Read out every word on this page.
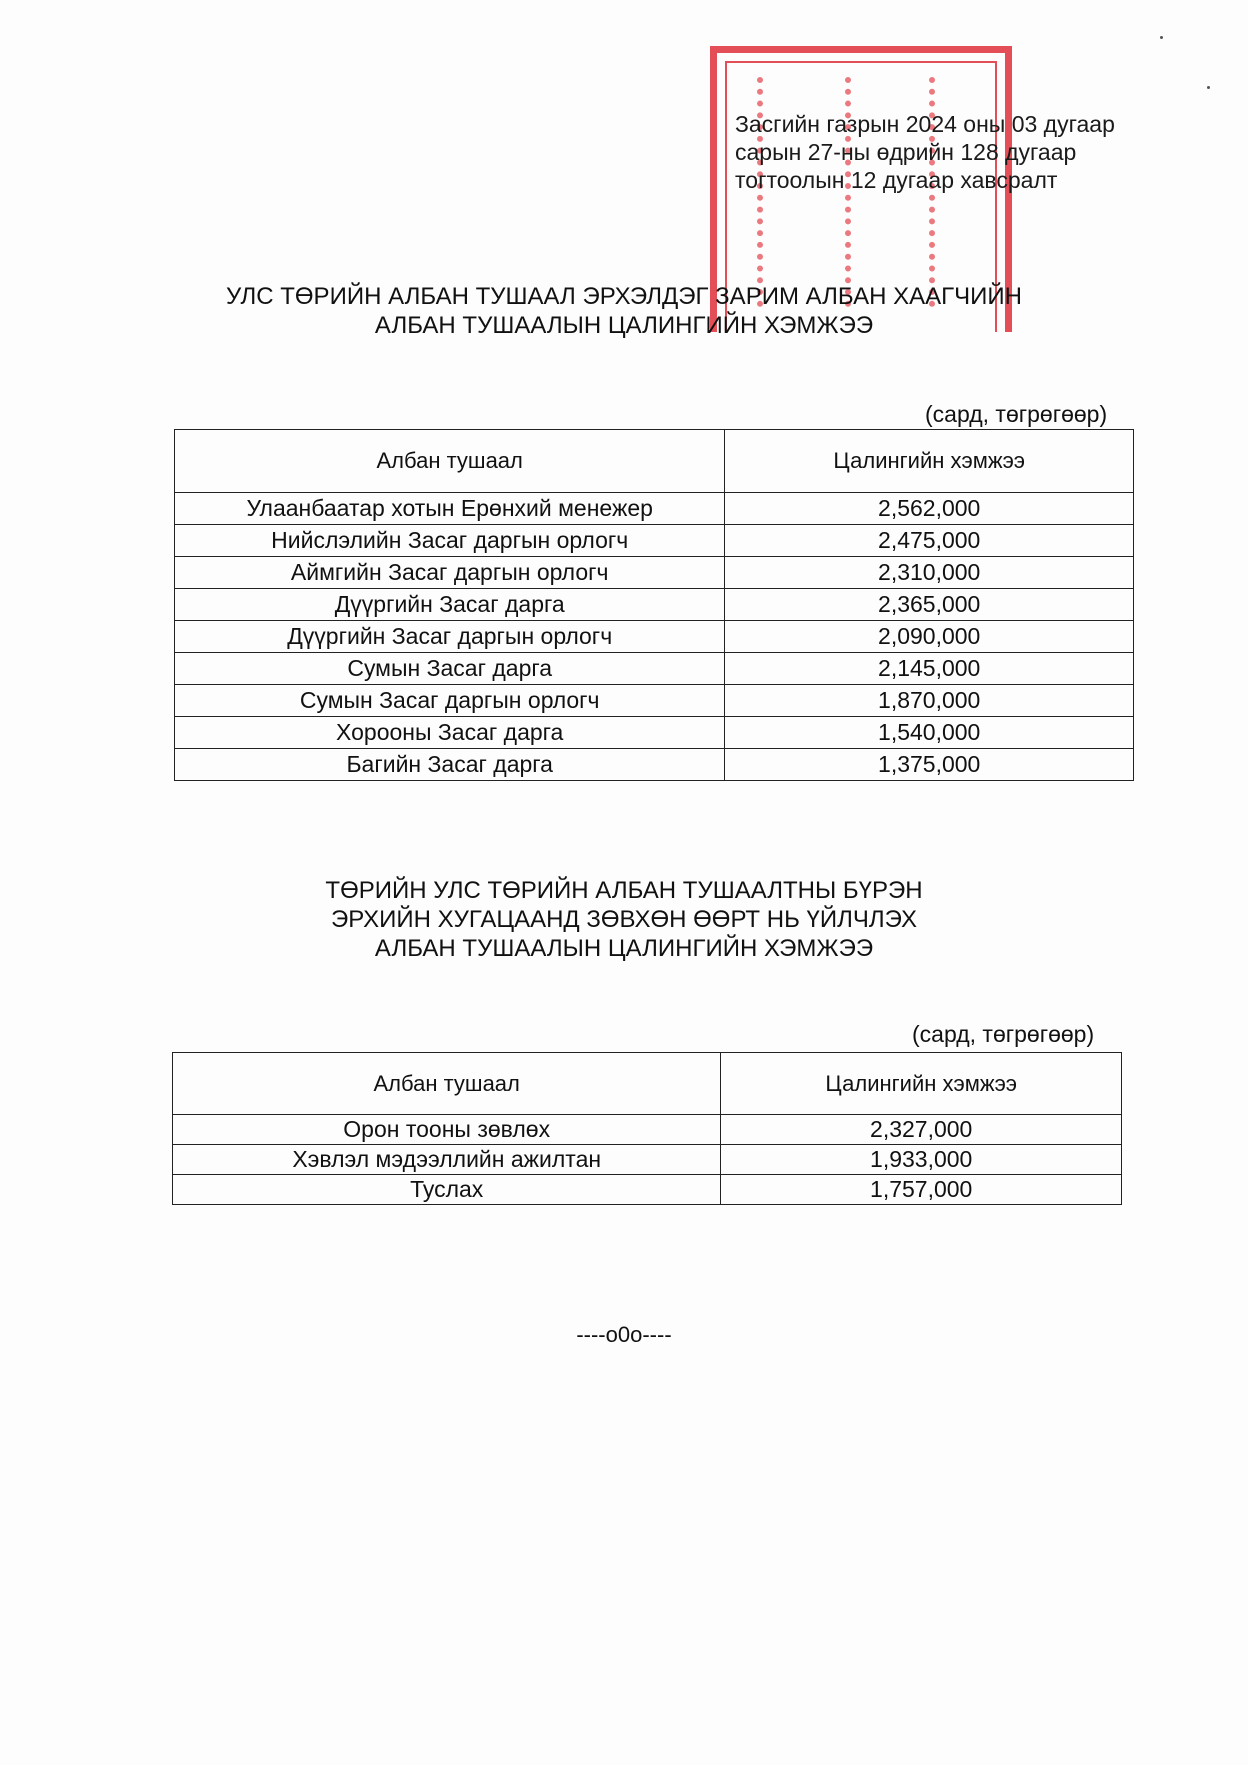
Засгийн газрын 2024 оны 03 дугаар
сарын 27-ны өдрийн 128 дугаар
тогтоолын 12 дугаар хавсралт
УЛС ТӨРИЙН АЛБАН ТУШААЛ ЭРХЭЛДЭГ ЗАРИМ АЛБАН ХААГЧИЙН
АЛБАН ТУШААЛЫН ЦАЛИНГИЙН ХЭМЖЭЭ
(сард, төгрөгөөр)
Албан тушаал	Цалингийн хэмжээ
Улаанбаатар хотын Ерөнхий менежер	2,562,000
Нийслэлийн Засаг даргын орлогч	2,475,000
Аймгийн Засаг даргын орлогч	2,310,000
Дүүргийн Засаг дарга	2,365,000
Дүүргийн Засаг даргын орлогч	2,090,000
Сумын Засаг дарга	2,145,000
Сумын Засаг даргын орлогч	1,870,000
Хорооны Засаг дарга	1,540,000
Багийн Засаг дарга	1,375,000
ТӨРИЙН УЛС ТӨРИЙН АЛБАН ТУШААЛТНЫ БҮРЭН
ЭРХИЙН ХУГАЦААНД ЗӨВХӨН ӨӨРТ НЬ ҮЙЛЧЛЭХ
АЛБАН ТУШААЛЫН ЦАЛИНГИЙН ХЭМЖЭЭ
(сард, төгрөгөөр)
Албан тушаал	Цалингийн хэмжээ
Орон тооны зөвлөх	2,327,000
Хэвлэл мэдээллийн ажилтан	1,933,000
Туслах	1,757,000
----o0o----
